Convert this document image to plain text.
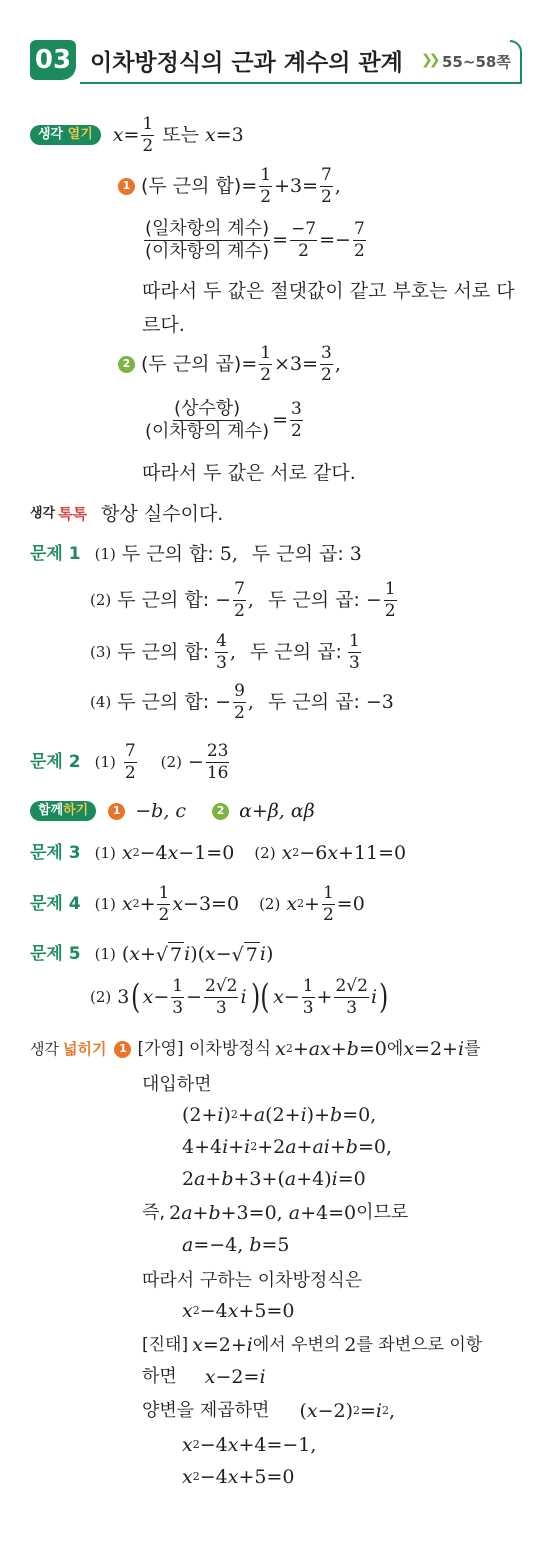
03 이차방정식의 근과 계수의 관계 ❯❯ 55~58쪽
생각
열기 $x = \frac{1}{2}$ 또는 x =3
1 (두 근의 합) = $\frac{1}{2} +3= \frac{7}{2}$ ,
$\frac{\text{(일차항의 계수)}}{\text{(이차항의 계수)}} = \frac{-7}{2} =- \frac{7}{2}$
따라서 두 값은 절댓값이 같고 부호는 서로 다
르다.
2 (두 근의 곱) = $\frac{1}{2} \times 3= \frac{3}{2}$ ,
$\frac{\text{(상수항)}}{\text{(이차항의 계수)}} = \frac{3}{2}$
따라서 두 값은 서로 같다.
생각 톡톡 항상 실수이다.
문제 1 (1) 두 근의 합: 5 , 두 근의 곱: 3
(2) 두 근의 합: − $\frac{7}{2}$ , 두 근의 곱: − $\frac{1}{2}$
(3) 두 근의 합: $\frac{4}{3}$ , 두 근의 곱: $\frac{1}{3}$
(4) 두 근의 합: − $\frac{9}{2}$ , 두 근의 곱: −3
문제 2 $(1) \frac{7}{2} (2) - \frac{23}{16}$
함께 하기	1 −b, c	2 α+β, αβ
문제 3 (1) x 2 −4 x −1=0 (2) x 2 −6 x +11=0
문제 4 (1) x $2 + \frac{1}{2}$ x −3=0 (2) x $2 + \frac{1}{2} =0$
문제 5 (1) ( x + √ 7 i )( x − √ 7 i )
(2) 3 ( $x - \frac{1}{3} - \frac{2√2}{3}$ i )( $x - \frac{1}{3} + \frac{2√2}{3}$ i )
생각 넓히기	1 [가영] 이차방정식 x 2 + ax + b =0 에 x =2+ i 를
대입하면
(2+ i ) 2 + a (2+ i )+ b =0,
4+4 i + i 2 +2 a + ai + b =0,
2 a + b +3+( a +4) i =0
즉, 2 a + b +3=0, a +4=0 이므로
a =−4, b =5
따라서 구하는 이차방정식은
x 2 −4 x +5=0
[진태] x =2+ i 에서 우변의 2 를 좌변으로 이항
하면 x −2= i
양변을 제곱하면 ( x −2) 2 = i 2 ,
x 2 −4 x +4=−1,
x 2 −4 x +5=0
